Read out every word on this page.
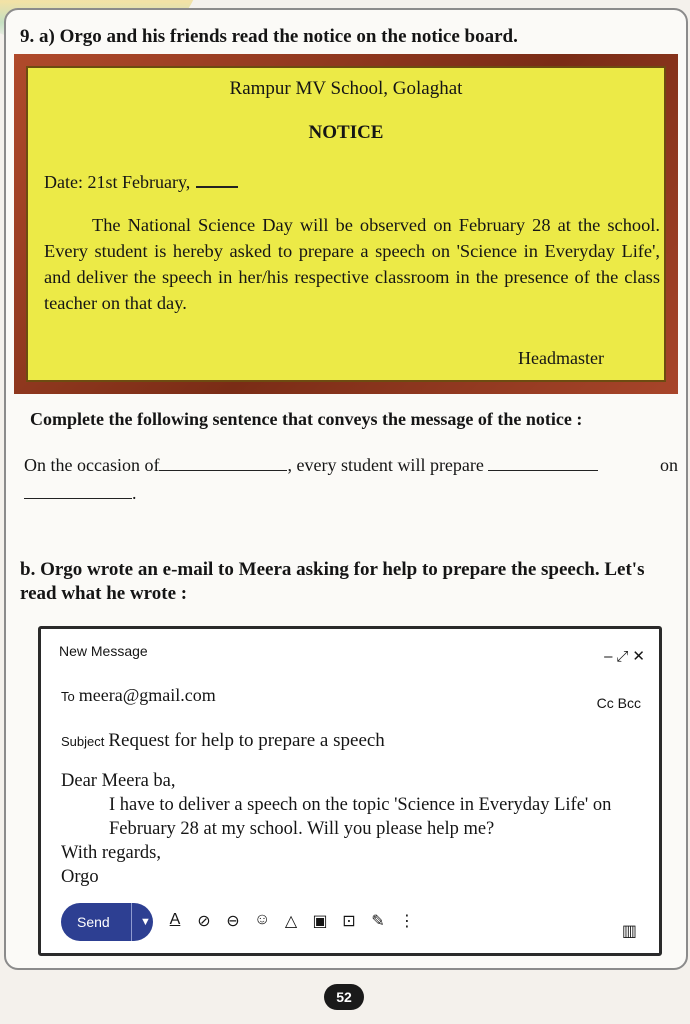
9. a) Orgo and his friends read the notice on the notice board.
Rampur MV School, Golaghat
NOTICE
Date: 21st February,
The National Science Day will be observed on February 28 at the school. Every student is hereby asked to prepare a speech on 'Science in Everyday Life', and deliver the speech in her/his respective classroom in the presence of the class teacher on that day.
Headmaster
Complete the following sentence that conveys the message of the notice :
On the occasion of	, every student will prepare	on

.
b. Orgo wrote an e-mail to Meera asking for help to prepare the speech. Let's read what he wrote :
New Message	‒⤢✕
To meera@gmail.com	Cc Bcc
Subject Request for help to prepare a speech
Dear Meera ba,
I have to deliver a speech on the topic 'Science in Everyday Life' on February 28 at my school. Will you please help me?
With regards,
Orgo
Send	▼ A ⊘ ⊖ ☺ △ ▣ ⊡ ✎ ⋮
▥
52
